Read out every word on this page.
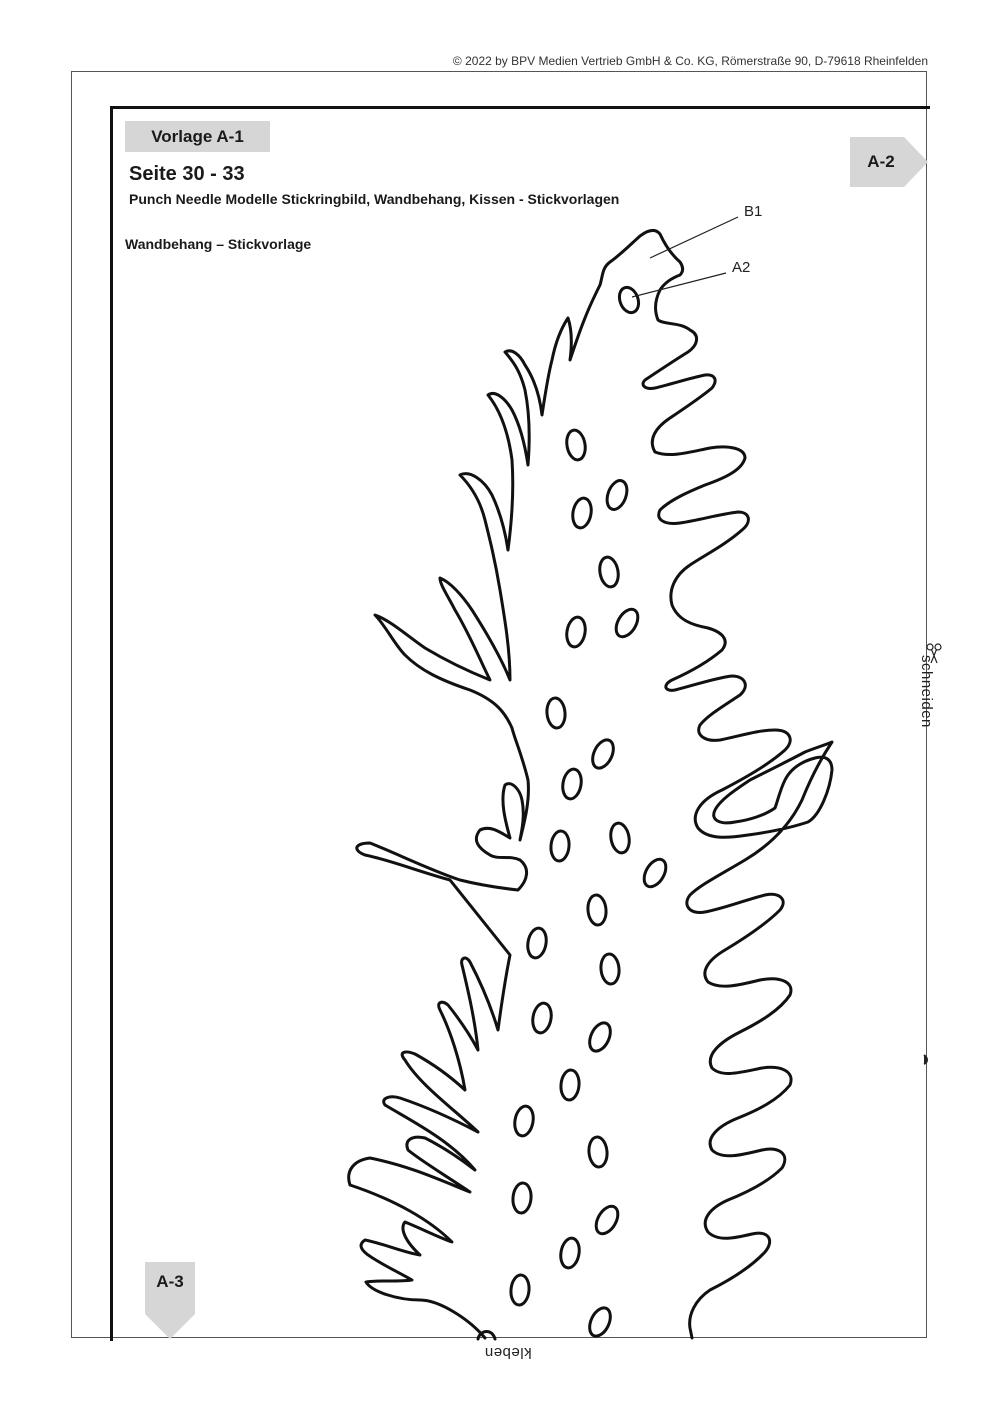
© 2022 by BPV Medien Vertrieb GmbH & Co. KG, Römerstraße 90, D-79618 Rheinfelden
Vorlage A-1
Seite 30 - 33
Punch Needle Modelle Stickringbild, Wandbehang, Kissen - Stickvorlagen
Wandbehang – Stickvorlage
A-2
A-3
schneiden
kleben
B1
A2
